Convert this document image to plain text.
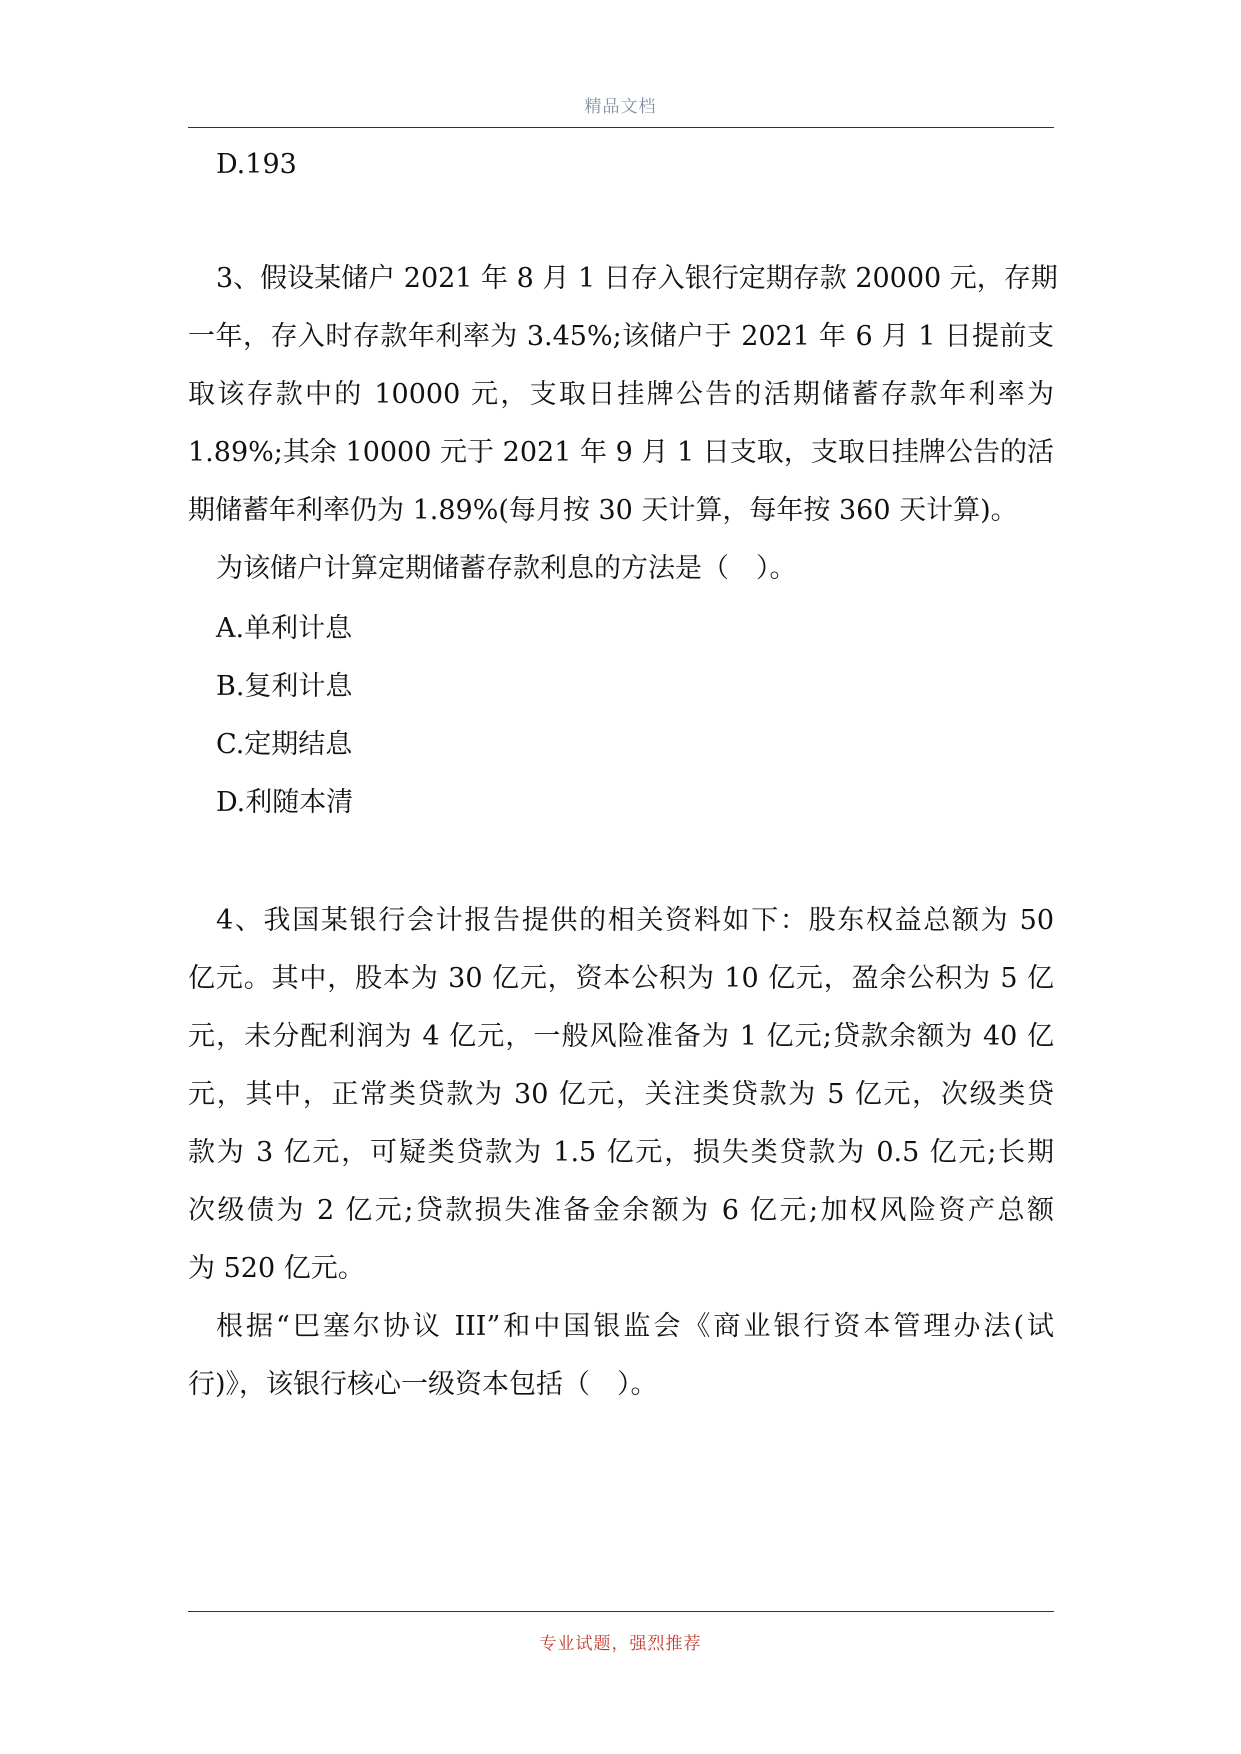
精品文档
D.193
3、假设某储户 2021 年 8 月 1 日存入银行定期存款 20000 元，存期
一年，存入时存款年利率为 3.45%;该储户于 2021 年 6 月 1 日提前支
取该存款中的 10000 元，支取日挂牌公告的活期储蓄存款年利率为
1.89%;其余 10000 元于 2021 年 9 月 1 日支取，支取日挂牌公告的活
期储蓄年利率仍为 1.89%(每月按 30 天计算，每年按 360 天计算)。
为该储户计算定期储蓄存款利息的方法是（　）。
A.单利计息
B.复利计息
C.定期结息
D.利随本清
4、我国某银行会计报告提供的相关资料如下：股东权益总额为 50
亿元。其中，股本为 30 亿元，资本公积为 10 亿元，盈余公积为 5 亿
元，未分配利润为 4 亿元，一般风险准备为 1 亿元;贷款余额为 40 亿
元，其中，正常类贷款为 30 亿元，关注类贷款为 5 亿元，次级类贷
款为 3 亿元，可疑类贷款为 1.5 亿元，损失类贷款为 0.5 亿元;长期
次级债为 2 亿元;贷款损失准备金余额为 6 亿元;加权风险资产总额
为 520 亿元。
根据“巴塞尔协议 III”和中国银监会《商业银行资本管理办法(试
行)》，该银行核心一级资本包括（　）。
专业试题，强烈推荐
